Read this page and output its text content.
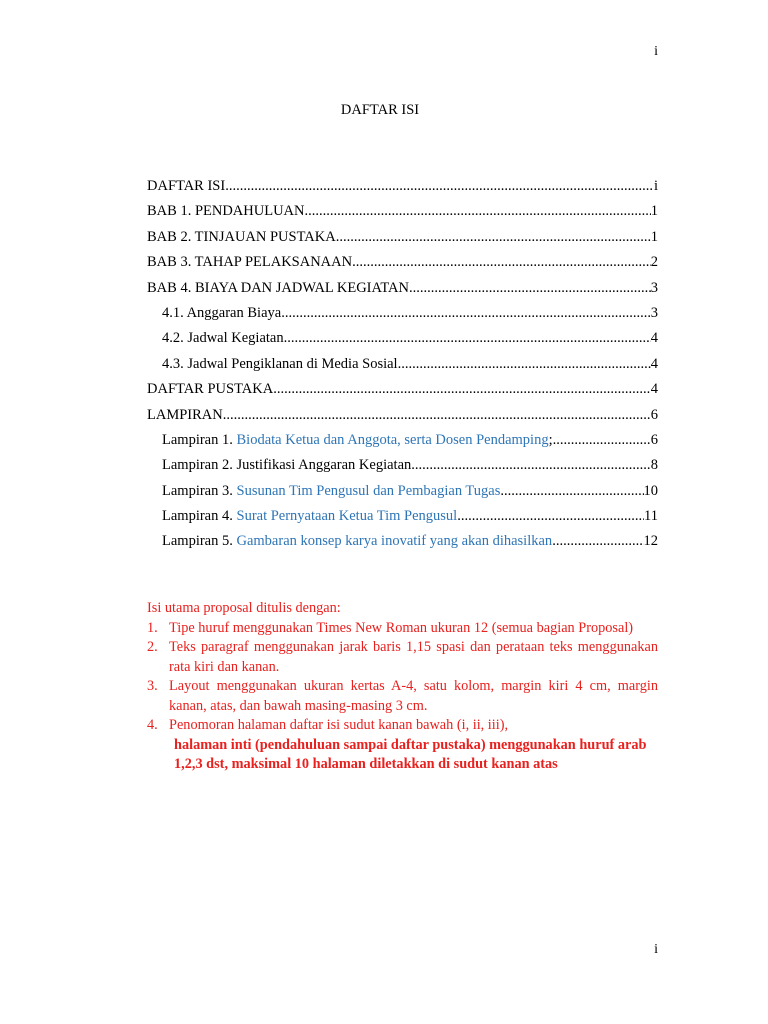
i
DAFTAR ISI
DAFTAR ISI .....	i
BAB 1. PENDAHULUAN .....	1
BAB 2. TINJAUAN PUSTAKA .....	1
BAB 3. TAHAP PELAKSANAAN .....	2
BAB 4. BIAYA DAN JADWAL KEGIATAN .....	3
4.1. Anggaran Biaya .....	3
4.2. Jadwal Kegiatan .....	4
4.3. Jadwal Pengiklanan di Media Sosial .....	4
DAFTAR PUSTAKA .....	4
LAMPIRAN .....	6
Lampiran 1. Biodata Ketua dan Anggota, serta Dosen Pendamping; .....	6
Lampiran 2. Justifikasi Anggaran Kegiatan .....	8
Lampiran 3. Susunan Tim Pengusul dan Pembagian Tugas .....	10
Lampiran 4. Surat Pernyataan Ketua Tim Pengusul .....	11
Lampiran 5. Gambaran konsep karya inovatif yang akan dihasilkan .....	12
Isi utama proposal ditulis dengan:
1. Tipe huruf menggunakan Times New Roman ukuran 12 (semua bagian Proposal)
2. Teks paragraf menggunakan jarak baris 1,15 spasi dan perataan teks menggunakan rata kiri dan kanan.
3. Layout menggunakan ukuran kertas A-4, satu kolom, margin kiri 4 cm, margin kanan, atas, dan bawah masing-masing 3 cm.
4. Penomoran halaman daftar isi sudut kanan bawah (i, ii, iii),
halaman inti (pendahuluan sampai daftar pustaka) menggunakan huruf arab 1,2,3 dst, maksimal 10 halaman diletakkan di sudut kanan atas
i
